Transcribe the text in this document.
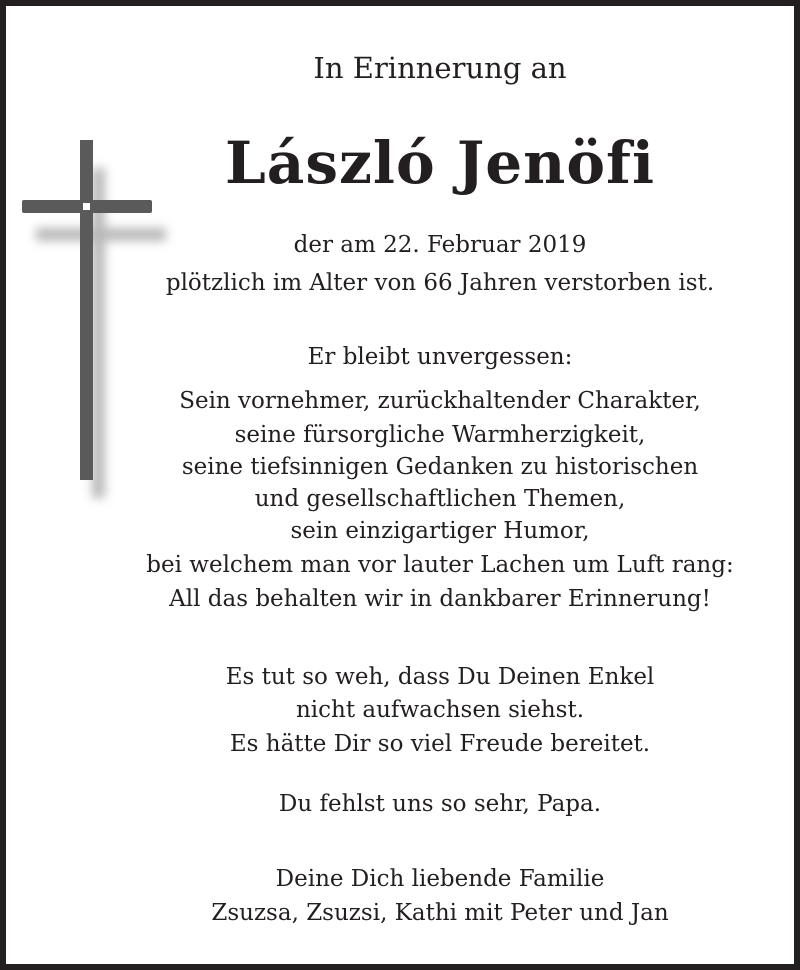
In Erinnerung an
László Jenöfi
der am 22. Februar 2019
plötzlich im Alter von 66 Jahren verstorben ist.
Er bleibt unvergessen:
Sein vornehmer, zurückhaltender Charakter,
seine fürsorgliche Warmherzigkeit,
seine tiefsinnigen Gedanken zu historischen
und gesellschaftlichen Themen,
sein einzigartiger Humor,
bei welchem man vor lauter Lachen um Luft rang:
All das behalten wir in dankbarer Erinnerung!
Es tut so weh, dass Du Deinen Enkel
nicht aufwachsen siehst.
Es hätte Dir so viel Freude bereitet.
Du fehlst uns so sehr, Papa.
Deine Dich liebende Familie
Zsuzsa, Zsuzsi, Kathi mit Peter und Jan
